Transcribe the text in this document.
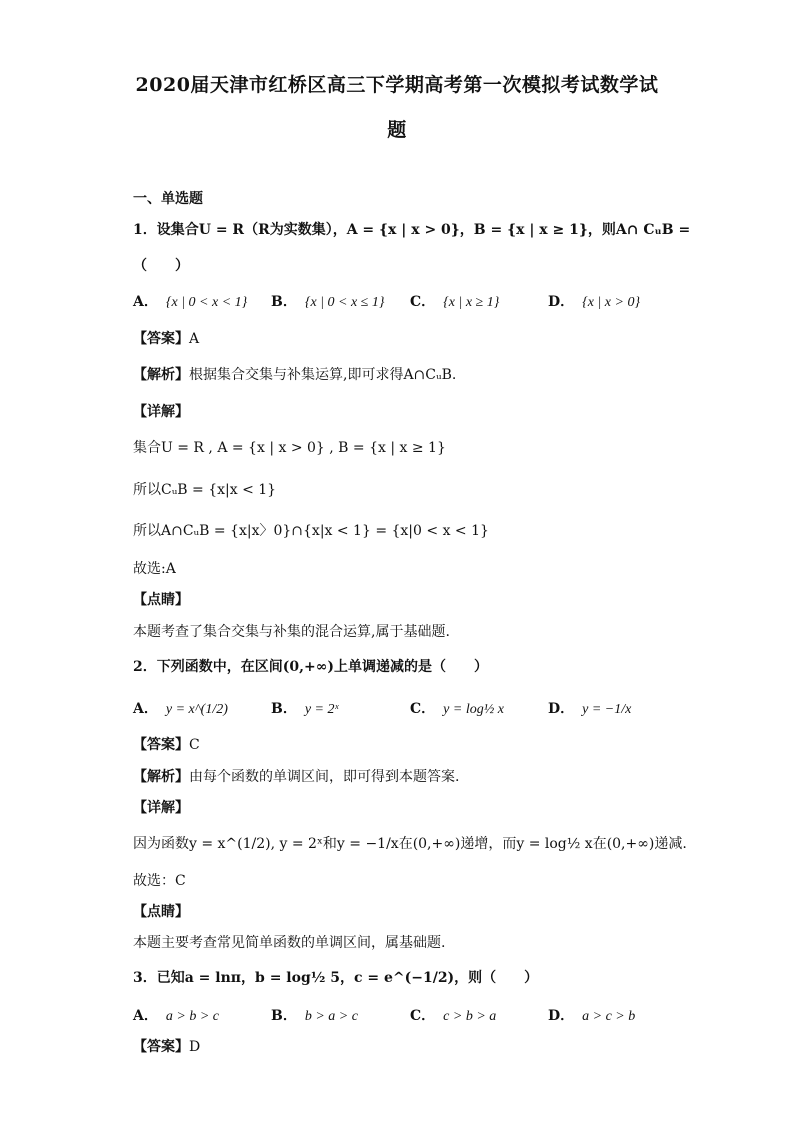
2020届天津市红桥区高三下学期高考第一次模拟考试数学试
题
一、单选题
1．设集合U = R（R为实数集），A = {x | x > 0}，B = {x | x ≥ 1}，则A∩ CᵤB =
（　　）
A． {x | 0 < x < 1} B． {x | 0 < x ≤ 1} C． {x | x ≥ 1}	D． {x | x > 0}
【 答案 】 A
【 解析 】 根据集合交集与补集运算,即可求得A∩CᵤB.
【 详解 】
集合U = R , A = {x | x > 0} , B = {x | x ≥ 1}
所以CᵤB = {x|x < 1}
所以A∩CᵤB = {x|x〉0}∩{x|x < 1} = {x|0 < x < 1}
故选:A
【 点睛 】
本题考查了集合交集与补集的混合运算,属于基础题.
2．下列函数中，在区间(0,+∞)上单调递减的是（　　）
A． y = x^(1/2)	B． y = 2ˣ	C． y = log½ x	D． y = −1/x
【 答案 】 C
【 解析 】 由每个函数的单调区间，即可得到本题答案.
【 详解 】
因为函数y = x^(1/2), y = 2ˣ和y = −1/x在(0,+∞)递增，而y = log½ x在(0,+∞)递减.
故选：C
【 点睛 】
本题主要考查常见简单函数的单调区间，属基础题.
3．已知a = lnπ，b = log½ 5，c = e^(−1/2)，则（　　）
A． a > b > c	B． b > a > c	C． c > b > a	D． a > c > b
【 答案 】 D
